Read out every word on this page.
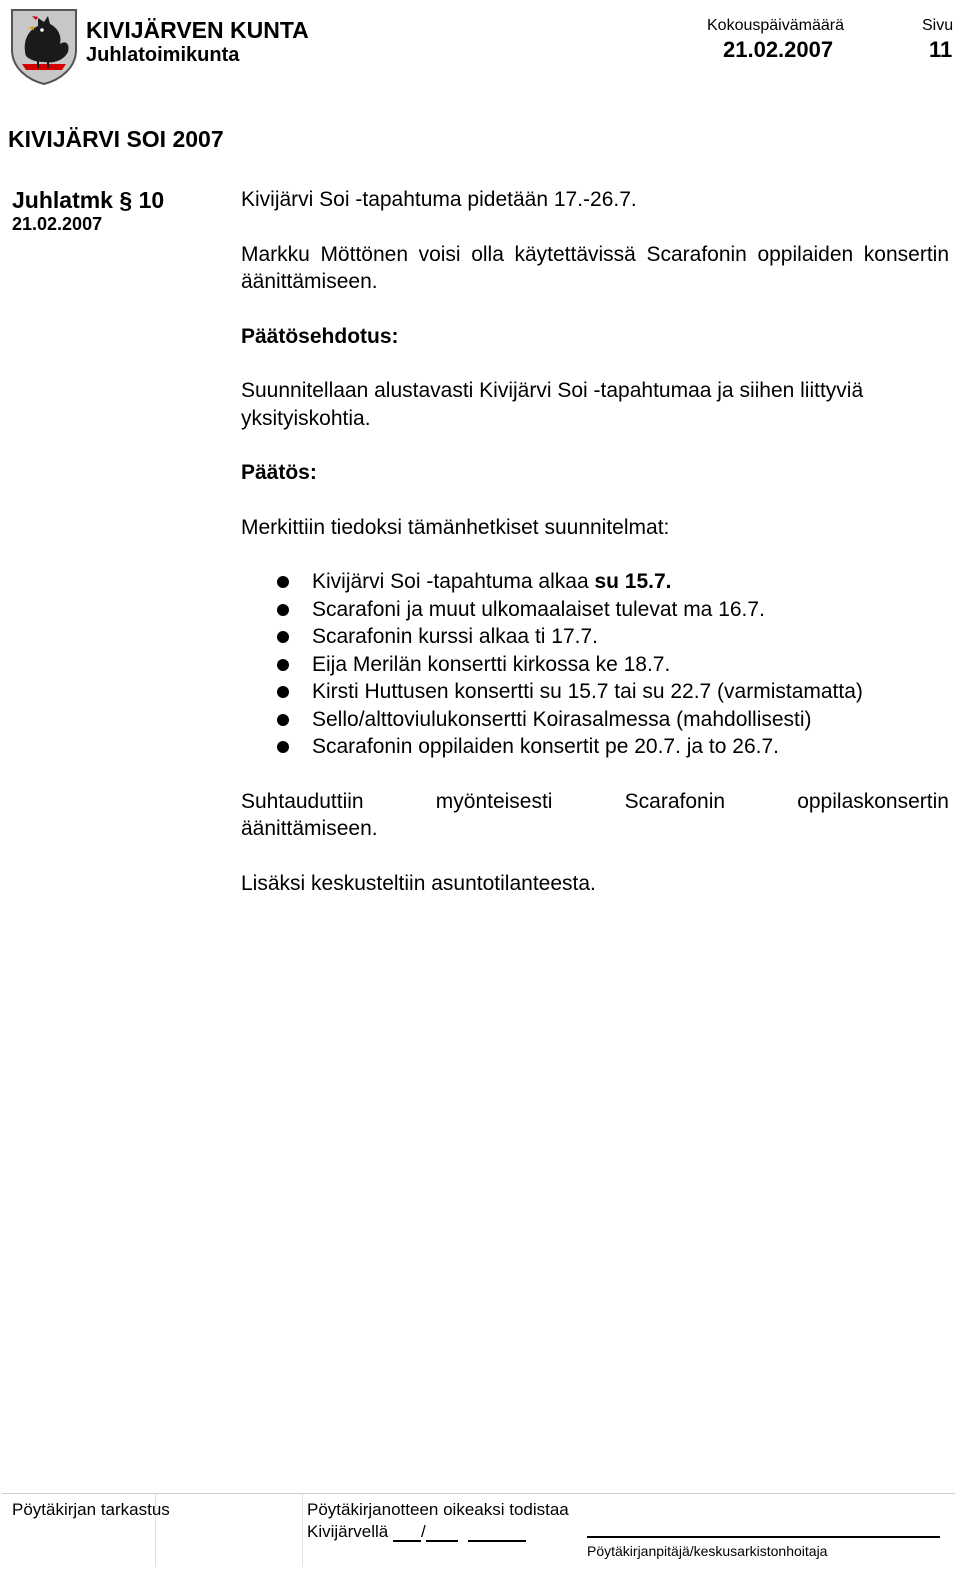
KIVIJÄRVEN KUNTA
Juhlatoimikunta
Kokouspäivämäärä
21.02.2007
Sivu
11
KIVIJÄRVI SOI 2007
Juhlatmk § 10
21.02.2007

Kivijärvi Soi -tapahtuma pidetään 17.-26.7.

Markku Möttönen voisi olla käytettävissä Scarafonin oppilaiden konsertin äänittämiseen.

Päätösehdotus:

Suunnitellaan alustavasti Kivijärvi Soi -tapahtumaa ja siihen liittyviä yksityiskohtia.

Päätös:

Merkittiin tiedoksi tämänhetkiset suunnitelmat:

Kivijärvi Soi -tapahtuma alkaa su 15.7.
Scarafoni ja muut ulkomaalaiset tulevat ma 16.7.
Scarafonin kurssi alkaa ti 17.7.
Eija Merilän konsertti kirkossa ke 18.7.
Kirsti Huttusen konsertti su 15.7 tai su 22.7 (varmistamatta)
Sello/alttoviulukonsertti Koirasalmessa (mahdollisesti)
Scarafonin oppilaiden konsertit pe 20.7. ja to 26.7.
Suhtauduttiin	myönteisesti	Scarafonin	oppilaskonsertin

äänittämiseen.

Lisäksi keskusteltiin asuntotilanteesta.

Pöytäkirjan tarkastus	Pöytäkirjanotteen oikeaksi todistaa
Kivijärvellä /
Pöytäkirjanpitäjä/keskusarkistonhoitaja
